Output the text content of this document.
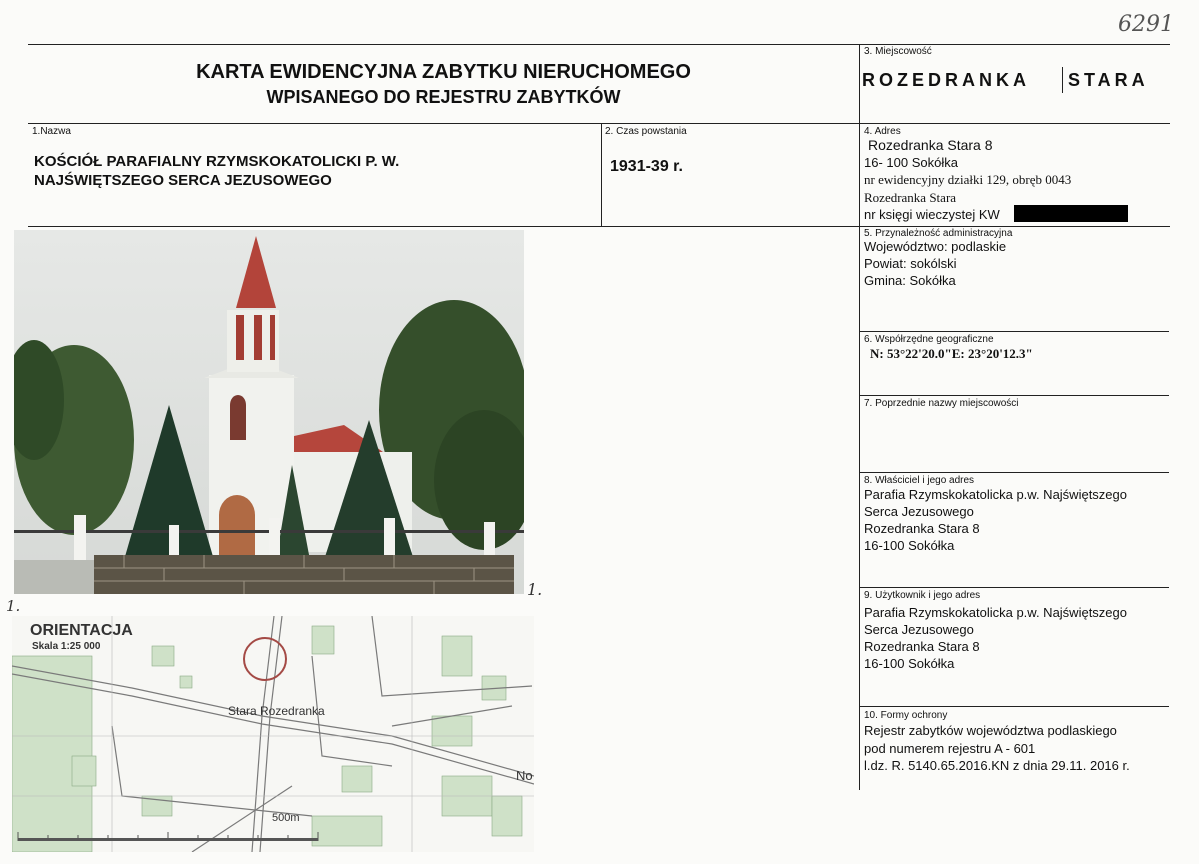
6291
KARTA EWIDENCYJNA ZABYTKU NIERUCHOMEGO
WPISANEGO DO REJESTRU ZABYTKÓW
3. Miejscowość
ROZEDRANKA STARA
1.Nazwa
KOŚCIÓŁ PARAFIALNY RZYMSKOKATOLICKI P. W.
NAJŚWIĘTSZEGO SERCA JEZUSOWEGO
2. Czas powstania
1931-39 r.
4. Adres
Rozedranka Stara 8
16- 100 Sokółka
nr ewidencyjny działki 129, obręb 0043
Rozedranka Stara
nr księgi wieczystej KW
5. Przynależność administracyjna
Województwo: podlaskie
Powiat: sokólski
Gmina: Sokółka
6. Współrzędne geograficzne
N: 53°22'20.0"E: 23°20'12.3"
7. Poprzednie nazwy miejscowości
8. Właściciel i jego adres
Parafia Rzymskokatolicka p.w. Najświętszego
Serca Jezusowego
Rozedranka Stara 8
16-100 Sokółka
9. Użytkownik i jego adres
Parafia Rzymskokatolicka p.w. Najświętszego
Serca Jezusowego
Rozedranka Stara 8
16-100 Sokółka
10. Formy ochrony
Rejestr zabytków województwa podlaskiego
pod numerem rejestru A - 601
l.dz. R. 5140.65.2016.KN z dnia 29.11. 2016 r.
1.
1.
ORIENTACJA
Skala 1:25 000
Stara Rozedranka
No
500m
